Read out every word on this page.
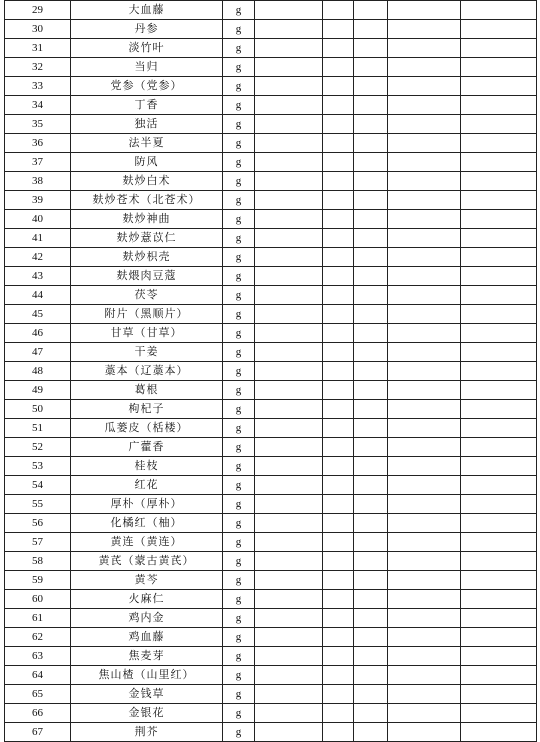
29	大血藤	g					
30	丹参	g					
31	淡竹叶	g					
32	当归	g					
33	党参（党参）	g					
34	丁香	g					
35	独活	g					
36	法半夏	g					
37	防风	g					
38	麸炒白术	g					
39	麸炒苍术（北苍术）	g					
40	麸炒神曲	g					
41	麸炒薏苡仁	g					
42	麸炒枳壳	g					
43	麸煨肉豆蔻	g					
44	茯苓	g					
45	附片（黑顺片）	g					
46	甘草（甘草）	g					
47	干姜	g					
48	藁本（辽藁本）	g					
49	葛根	g					
50	枸杞子	g					
51	瓜蒌皮（栝楼）	g					
52	广藿香	g					
53	桂枝	g					
54	红花	g					
55	厚朴（厚朴）	g					
56	化橘红（柚）	g					
57	黄连（黄连）	g					
58	黄芪（蒙古黄芪）	g					
59	黄芩	g					
60	火麻仁	g					
61	鸡内金	g					
62	鸡血藤	g					
63	焦麦芽	g					
64	焦山楂（山里红）	g					
65	金钱草	g					
66	金银花	g					
67	荆芥	g					
